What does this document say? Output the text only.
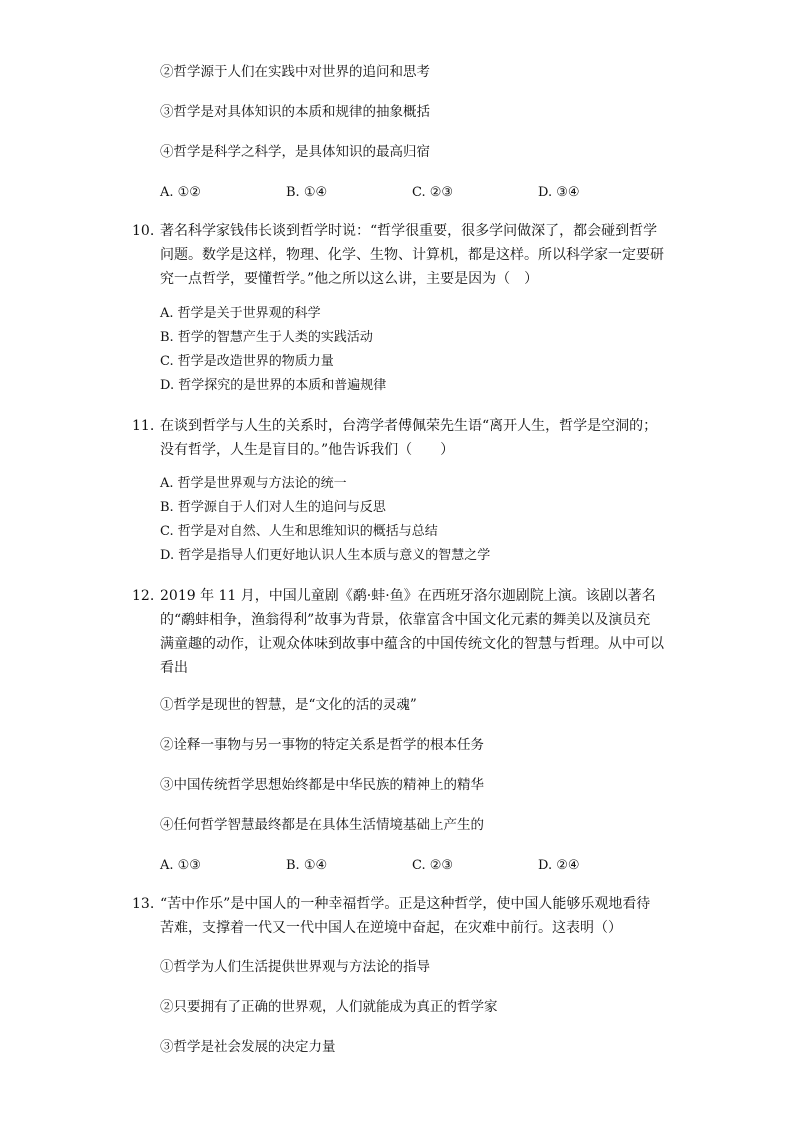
②哲学源于人们在实践中对世界的追问和思考
③哲学是对具体知识的本质和规律的抽象概括
④哲学是科学之科学，是具体知识的最高归宿
A. ①②	B. ①④	C. ②③	D. ③④
10. 著名科学家钱伟长谈到哲学时说：“哲学很重要，很多学问做深了，都会碰到哲学
问题。数学是这样，物理、化学、生物、计算机，都是这样。所以科学家一定要研
究一点哲学，要懂哲学。”他之所以这么讲，主要是因为（　）
A. 哲学是关于世界观的科学
B. 哲学的智慧产生于人类的实践活动
C. 哲学是改造世界的物质力量
D. 哲学探究的是世界的本质和普遍规律
11. 在谈到哲学与人生的关系时，台湾学者傅佩荣先生语“离开人生，哲学是空洞的；
没有哲学，人生是盲目的。”他告诉我们（　　）
A. 哲学是世界观与方法论的统一
B. 哲学源自于人们对人生的追问与反思
C. 哲学是对自然、人生和思维知识的概括与总结
D. 哲学是指导人们更好地认识人生本质与意义的智慧之学
12. 2019 年 11 月，中国儿童剧《鹬·蚌·鱼》在西班牙洛尔迦剧院上演。该剧以著名
的“鹬蚌相争，渔翁得利”故事为背景，依靠富含中国文化元素的舞美以及演员充
满童趣的动作，让观众体味到故事中蕴含的中国传统文化的智慧与哲理。从中可以
看出
①哲学是现世的智慧，是“文化的活的灵魂”
②诠释一事物与另一事物的特定关系是哲学的根本任务
③中国传统哲学思想始终都是中华民族的精神上的精华
④任何哲学智慧最终都是在具体生活情境基础上产生的
A. ①③	B. ①④	C. ②③	D. ②④
13. “苦中作乐”是中国人的一种幸福哲学。正是这种哲学，使中国人能够乐观地看待
苦难，支撑着一代又一代中国人在逆境中奋起，在灾难中前行。这表明（）
①哲学为人们生活提供世界观与方法论的指导
②只要拥有了正确的世界观，人们就能成为真正的哲学家
③哲学是社会发展的决定力量
